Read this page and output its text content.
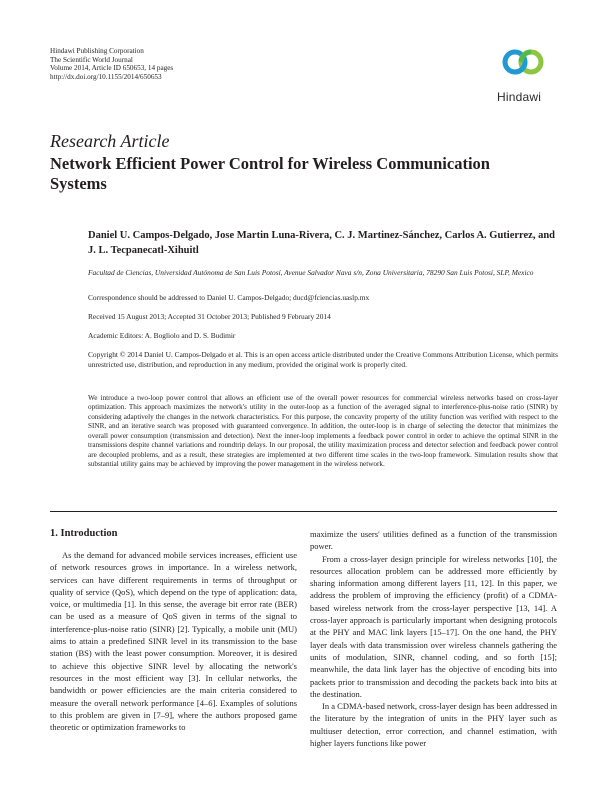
Hindawi Publishing Corporation
The Scientific World Journal
Volume 2014, Article ID 650653, 14 pages
http://dx.doi.org/10.1155/2014/650653
Hindawi
Research Article
Network Efficient Power Control for Wireless Communication Systems
Daniel U. Campos-Delgado, Jose Martin Luna-Rivera, C. J. Martinez-Sánchez, Carlos A. Gutierrez, and J. L. Tecpanecatl-Xihuitl
Facultad de Ciencias, Universidad Autónoma de San Luis Potosí, Avenue Salvador Nava s/n, Zona Universitaria, 78290 San Luis Potosí, SLP, Mexico
Correspondence should be addressed to Daniel U. Campos-Delgado; ducd@fciencias.uaslp.mx
Received 15 August 2013; Accepted 31 October 2013; Published 9 February 2014
Academic Editors: A. Bogliolo and D. S. Budimir
Copyright © 2014 Daniel U. Campos-Delgado et al. This is an open access article distributed under the Creative Commons Attribution License, which permits unrestricted use, distribution, and reproduction in any medium, provided the original work is properly cited.
We introduce a two-loop power control that allows an efficient use of the overall power resources for commercial wireless networks based on cross-layer optimization. This approach maximizes the network's utility in the outer-loop as a function of the averaged signal to interference-plus-noise ratio (SINR) by considering adaptively the changes in the network characteristics. For this purpose, the concavity property of the utility function was verified with respect to the SINR, and an iterative search was proposed with guaranteed convergence. In addition, the outer-loop is in charge of selecting the detector that minimizes the overall power consumption (transmission and detection). Next the inner-loop implements a feedback power control in order to achieve the optimal SINR in the transmissions despite channel variations and roundtrip delays. In our proposal, the utility maximization process and detector selection and feedback power control are decoupled problems, and as a result, these strategies are implemented at two different time scales in the two-loop framework. Simulation results show that substantial utility gains may be achieved by improving the power management in the wireless network.
1. Introduction

As the demand for advanced mobile services increases, efficient use of network resources grows in importance. In a wireless network, services can have different requirements in terms of throughput or quality of service (QoS), which depend on the type of application: data, voice, or multimedia [1]. In this sense, the average bit error rate (BER) can be used as a measure of QoS given in terms of the signal to interference-plus-noise ratio (SINR) [2]. Typically, a mobile unit (MU) aims to attain a predefined SINR level in its transmission to the base station (BS) with the least power consumption. Moreover, it is desired to achieve this objective SINR level by allocating the network's resources in the most efficient way [3]. In cellular networks, the bandwidth or power efficiencies are the main criteria considered to measure the overall network performance [4–6]. Examples of solutions to this problem are given in [7–9], where the authors proposed game theoretic or optimization frameworks to

maximize the users' utilities defined as a function of the transmission power.

From a cross-layer design principle for wireless networks [10], the resources allocation problem can be addressed more efficiently by sharing information among different layers [11, 12]. In this paper, we address the problem of improving the efficiency (profit) of a CDMA-based wireless network from the cross-layer perspective [13, 14]. A cross-layer approach is particularly important when designing protocols at the PHY and MAC link layers [15–17]. On the one hand, the PHY layer deals with data transmission over wireless channels gathering the units of modulation, SINR, channel coding, and so forth [15]; meanwhile, the data link layer has the objective of encoding bits into packets prior to transmission and decoding the packets back into bits at the destination.

In a CDMA-based network, cross-layer design has been addressed in the literature by the integration of units in the PHY layer such as multiuser detection, error correction, and channel estimation, with higher layers functions like power
